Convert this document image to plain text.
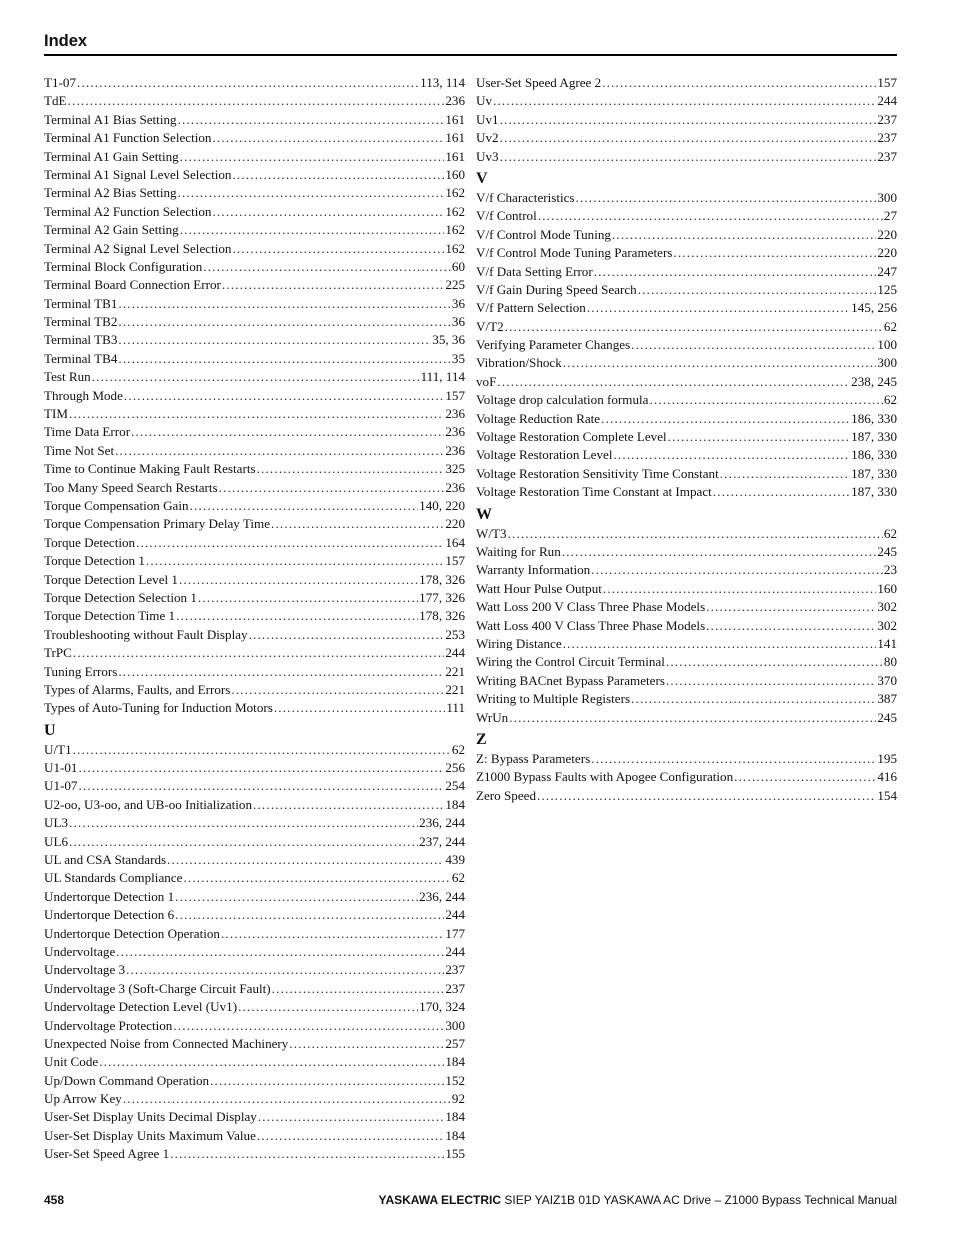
Index
T1-07 .....	113, 114
TdE .....	236
Terminal A1 Bias Setting .....	161
Terminal A1 Function Selection .....	161
Terminal A1 Gain Setting .....	161
Terminal A1 Signal Level Selection .....	160
Terminal A2 Bias Setting .....	162
Terminal A2 Function Selection .....	162
Terminal A2 Gain Setting .....	162
Terminal A2 Signal Level Selection .....	162
Terminal Block Configuration .....	60
Terminal Board Connection Error .....	225
Terminal TB1 .....	36
Terminal TB2 .....	36
Terminal TB3 .....	35, 36
Terminal TB4 .....	35
Test Run .....	111, 114
Through Mode .....	157
TIM .....	236
Time Data Error .....	236
Time Not Set .....	236
Time to Continue Making Fault Restarts .....	325
Too Many Speed Search Restarts .....	236
Torque Compensation Gain .....	140, 220
Torque Compensation Primary Delay Time .....	220
Torque Detection .....	164
Torque Detection 1 .....	157
Torque Detection Level 1 .....	178, 326
Torque Detection Selection 1 .....	177, 326
Torque Detection Time 1 .....	178, 326
Troubleshooting without Fault Display .....	253
TrPC .....	244
Tuning Errors .....	221
Types of Alarms, Faults, and Errors .....	221
Types of Auto-Tuning for Induction Motors .....	111
U
U/T1 .....	62
U1-01 .....	256
U1-07 .....	254
U2-oo, U3-oo, and UB-oo Initialization .....	184
UL3 .....	236, 244
UL6 .....	237, 244
UL and CSA Standards .....	439
UL Standards Compliance .....	62
Undertorque Detection 1 .....	236, 244
Undertorque Detection 6 .....	244
Undertorque Detection Operation .....	177
Undervoltage .....	244
Undervoltage 3 .....	237
Undervoltage 3 (Soft-Charge Circuit Fault) .....	237
Undervoltage Detection Level (Uv1) .....	170, 324
Undervoltage Protection .....	300
Unexpected Noise from Connected Machinery .....	257
Unit Code .....	184
Up/Down Command Operation .....	152
Up Arrow Key .....	92
User-Set Display Units Decimal Display .....	184
User-Set Display Units Maximum Value .....	184
User-Set Speed Agree 1 .....	155
User-Set Speed Agree 2 .....	157
Uv .....	244
Uv1 .....	237
Uv2 .....	237
Uv3 .....	237
V
V/f Characteristics .....	300
V/f Control .....	27
V/f Control Mode Tuning .....	220
V/f Control Mode Tuning Parameters .....	220
V/f Data Setting Error .....	247
V/f Gain During Speed Search .....	125
V/f Pattern Selection .....	145, 256
V/T2 .....	62
Verifying Parameter Changes .....	100
Vibration/Shock .....	300
voF .....	238, 245
Voltage drop calculation formula .....	62
Voltage Reduction Rate .....	186, 330
Voltage Restoration Complete Level .....	187, 330
Voltage Restoration Level .....	186, 330
Voltage Restoration Sensitivity Time Constant .....	187, 330
Voltage Restoration Time Constant at Impact .....	187, 330
W
W/T3 .....	62
Waiting for Run .....	245
Warranty Information .....	23
Watt Hour Pulse Output .....	160
Watt Loss 200 V Class Three Phase Models .....	302
Watt Loss 400 V Class Three Phase Models .....	302
Wiring Distance .....	141
Wiring the Control Circuit Terminal .....	80
Writing BACnet Bypass Parameters .....	370
Writing to Multiple Registers .....	387
WrUn .....	245
Z
Z: Bypass Parameters .....	195
Z1000 Bypass Faults with Apogee Configuration .....	416
Zero Speed .....	154
458	YASKAWA ELECTRIC SIEP YAIZ1B 01D YASKAWA AC Drive – Z1000 Bypass Technical Manual
